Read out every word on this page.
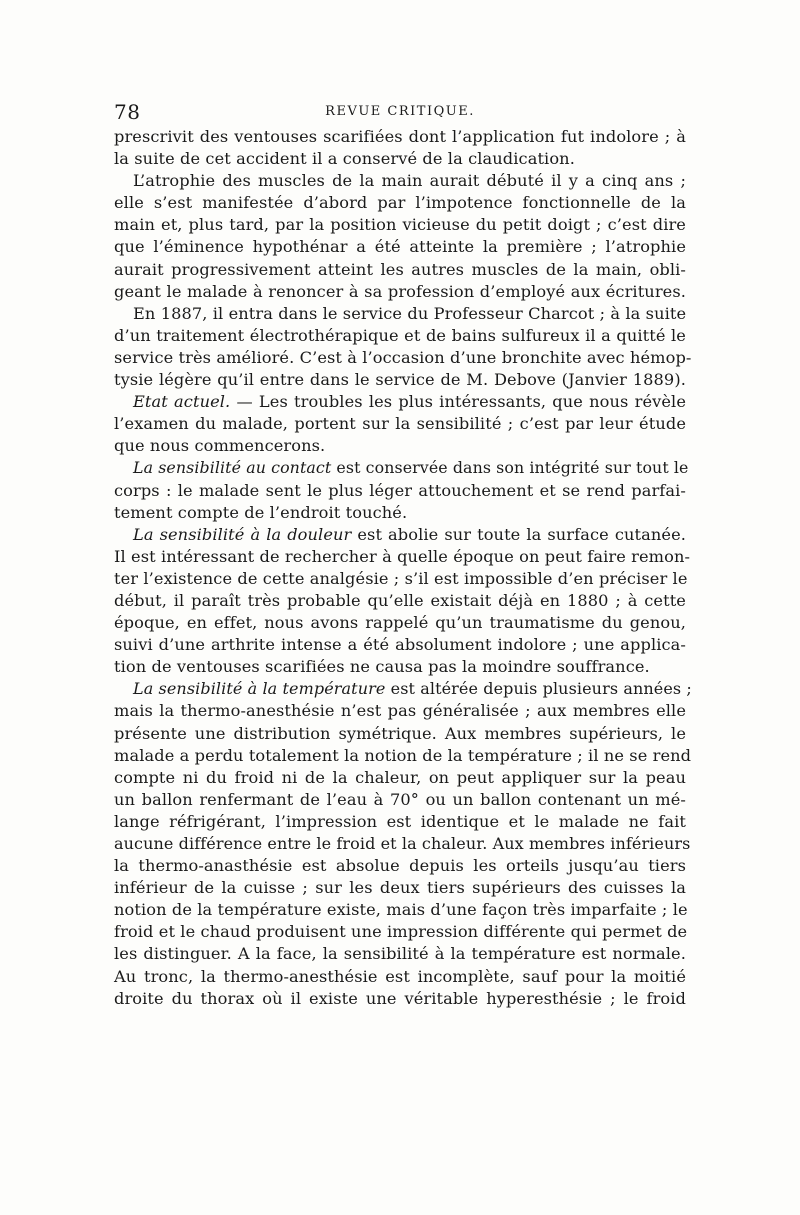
78	REVUE CRITIQUE.
prescrivit des ventouses scarifiées dont l’application fut indolore ; à
la suite de cet accident il a conservé de la claudication.
L’atrophie des muscles de la main aurait débuté il y a cinq ans ;
elle s’est manifestée d’abord par l’impotence fonctionnelle de la
main et, plus tard, par la position vicieuse du petit doigt ; c’est dire
que l’éminence hypothénar a été atteinte la première ; l’atrophie
aurait progressivement atteint les autres muscles de la main, obli-
geant le malade à renoncer à sa profession d’employé aux écritures.
En 1887, il entra dans le service du Professeur Charcot ; à la suite
d’un traitement électrothérapique et de bains sulfureux il a quitté le
service très amélioré. C’est à l’occasion d’une bronchite avec hémop-
tysie légère qu’il entre dans le service de M. Debove (Janvier 1889).
Etat actuel. — Les troubles les plus intéressants, que nous révèle
l’examen du malade, portent sur la sensibilité ; c’est par leur étude
que nous commencerons.
La sensibilité au contact est conservée dans son intégrité sur tout le
corps : le malade sent le plus léger attouchement et se rend parfai-
tement compte de l’endroit touché.
La sensibilité à la douleur est abolie sur toute la surface cutanée.
Il est intéressant de rechercher à quelle époque on peut faire remon-
ter l’existence de cette analgésie ; s’il est impossible d’en préciser le
début, il paraît très probable qu’elle existait déjà en 1880 ; à cette
époque, en effet, nous avons rappelé qu’un traumatisme du genou,
suivi d’une arthrite intense a été absolument indolore ; une applica-
tion de ventouses scarifiées ne causa pas la moindre souffrance.
La sensibilité à la température est altérée depuis plusieurs années ;
mais la thermo-anesthésie n’est pas généralisée ; aux membres elle
présente une distribution symétrique. Aux membres supérieurs, le
malade a perdu totalement la notion de la température ; il ne se rend
compte ni du froid ni de la chaleur, on peut appliquer sur la peau
un ballon renfermant de l’eau à 70° ou un ballon contenant un mé-
lange réfrigérant, l’impression est identique et le malade ne fait
aucune différence entre le froid et la chaleur. Aux membres inférieurs
la thermo-anasthésie est absolue depuis les orteils jusqu’au tiers
inférieur de la cuisse ; sur les deux tiers supérieurs des cuisses la
notion de la température existe, mais d’une façon très imparfaite ; le
froid et le chaud produisent une impression différente qui permet de
les distinguer. A la face, la sensibilité à la température est normale.
Au tronc, la thermo-anesthésie est incomplète, sauf pour la moitié
droite du thorax où il existe une véritable hyperesthésie ; le froid
